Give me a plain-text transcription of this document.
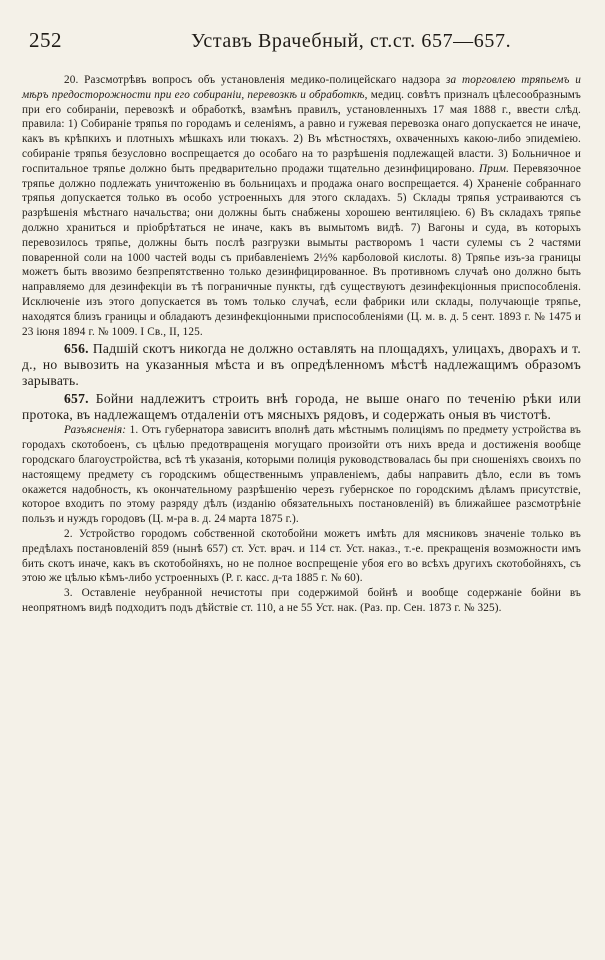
252	Уставъ Врачебный, ст.ст. 657—657.

20. Разсмотрѣвъ вопросъ объ установленія медико-полицейскаго надзора за торговлею тряпьемъ и мѣръ предосторожности при его собираніи, перевозкѣ и обработкѣ, медиц. совѣтъ призналъ цѣлесообразнымъ при его собираніи, перевозкѣ и обработкѣ, взамѣнъ правилъ, установленныхъ 17 мая 1888 г., ввести слѣд. правила: 1) Собираніе тряпья по городамъ и селеніямъ, а равно и гужевая перевозка онаго допускается не иначе, какъ въ крѣпкихъ и плотныхъ мѣшкахъ или тюкахъ. 2) Въ мѣстностяхъ, охваченныхъ какою-либо эпидеміею. собираніе тряпья безусловно воспрещается до особаго на то разрѣшенія подлежащей власти. 3) Больничное и госпитальное тряпье должно быть предварительно продажи тщательно дезинфицировано. Прим. Перевязочное тряпье должно подлежать уничтоженію въ больницахъ и продажа онаго воспрещается. 4) Храненіе собраннаго тряпья допускается только въ особо устроенныхъ для этого складахъ. 5) Склады тряпья устраиваются съ разрѣшенія мѣстнаго начальства; они должны быть снабжены хорошею вентиляціею. 6) Въ складахъ тряпье должно храниться и пріобрѣтаться не иначе, какъ въ вымытомъ видѣ. 7) Вагоны и суда, въ которыхъ перевозилось тряпье, должны быть послѣ разгрузки вымыты растворомъ 1 части сулемы съ 2 частями поваренной соли на 1000 частей воды съ прибавленіемъ 2½% карболовой кислоты. 8) Тряпье изъ-за границы можетъ быть ввозимо безпрепятственно только дезинфицированное. Въ противномъ случаѣ оно должно быть направляемо для дезинфекціи въ тѣ пограничные пункты, гдѣ существуютъ дезинфекціонныя приспособленія. Исключеніе изъ этого допускается въ томъ только случаѣ, если фабрики или склады, получающіе тряпье, находятся близъ границы и обладаютъ дезинфекціонными приспособленіями (Ц. м. в. д. 5 сент. 1893 г. № 1475 и 23 іюня 1894 г. № 1009. І Св., ІІ, 125.

656. Падшій скотъ никогда не должно оставлять на площадяхъ, улицахъ, дворахъ и т. д., но вывозить на указанныя мѣста и въ опредѣленномъ мѣстѣ надлежащимъ образомъ зарывать.

657. Бойни надлежитъ строить внѣ города, не выше онаго по теченію рѣки или протока, въ надлежащемъ отдаленіи отъ мясныхъ рядовъ, и содержать оныя въ чистотѣ.

Разъясненія: 1. Отъ губернатора зависитъ вполнѣ дать мѣстнымъ полиціямъ по предмету устройства въ городахъ скотобоенъ, съ цѣлью предотвращенія могущаго произойти отъ нихъ вреда и достиженія вообще городскаго благоустройства, всѣ тѣ указанія, которыми полиція руководствовалась бы при сношеніяхъ своихъ по настоящему предмету съ городскимъ общественнымъ управленіемъ, дабы направить дѣло, если въ томъ окажется надобность, къ окончательному разрѣшенію черезъ губернское по городскимъ дѣламъ присутствіе, которое входитъ по этому разряду дѣлъ (изданію обязательныхъ постановленій) въ ближайшее разсмотрѣніе пользъ и нуждъ городовъ (Ц. м-ра в. д. 24 марта 1875 г.).

2. Устройство городомъ собственной скотобойни можетъ имѣть для мясниковъ значеніе только въ предѣлахъ постановленій 859 (нынѣ 657) ст. Уст. врач. и 114 ст. Уст. наказ., т.-е. прекращенія возможности имъ бить скотъ иначе, какъ въ скотобойняхъ, но не полное воспрещеніе убоя его во всѣхъ другихъ скотобойняхъ, съ этою же цѣлью кѣмъ-либо устроенныхъ (Р. г. касс. д-та 1885 г. № 60).

3. Оставленіе неубранной нечистоты при содержимой бойнѣ и вообще содержаніе бойни въ неопрятномъ видѣ подходитъ подъ дѣйствіе ст. 110, а не 55 Уст. нак. (Раз. пр. Сен. 1873 г. № 325).
